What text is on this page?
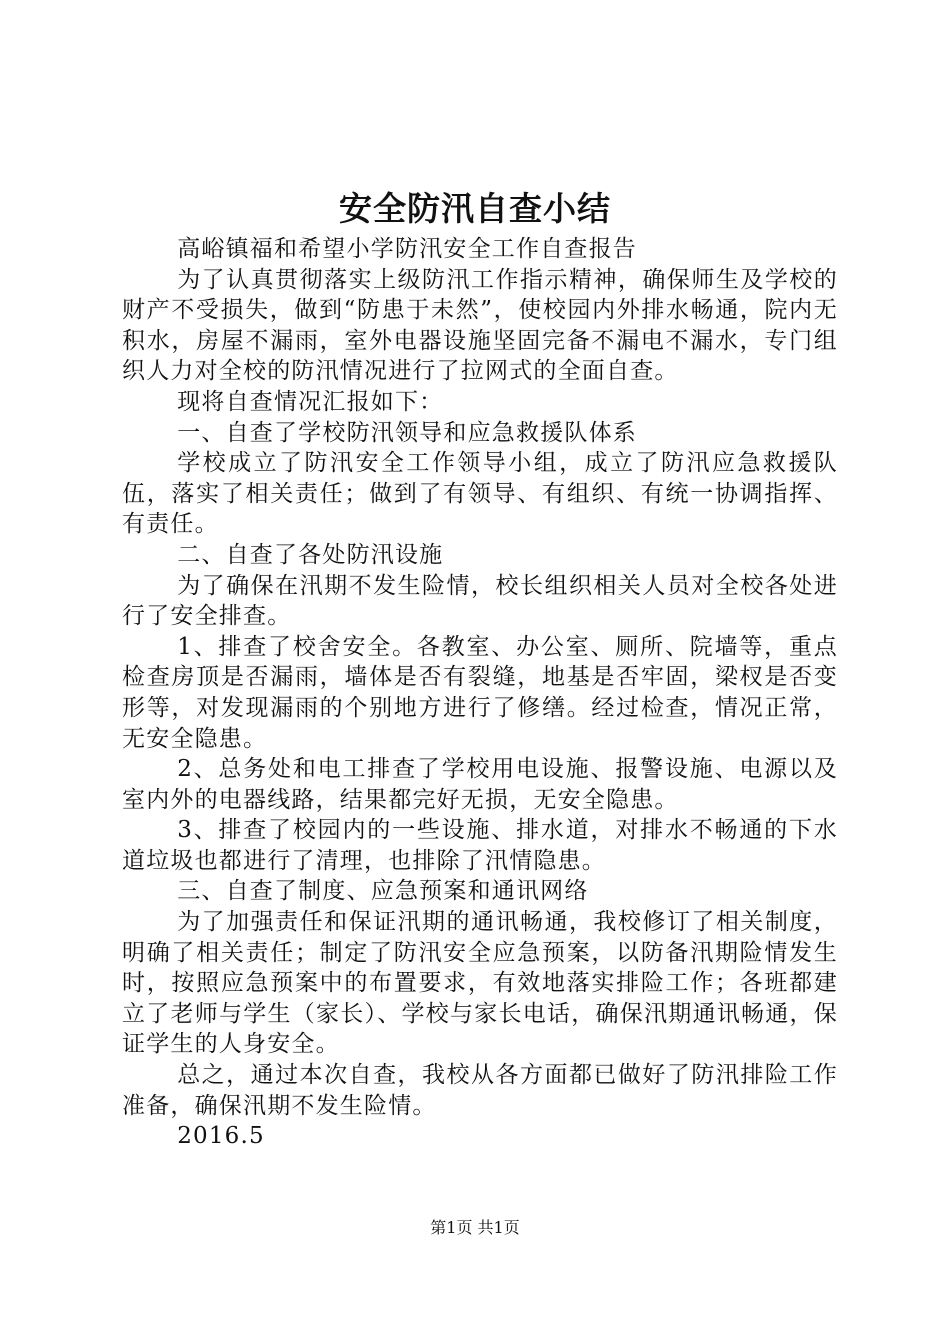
安全防汛自查小结

高峪镇福和希望小学防汛安全工作自查报告

为了认真贯彻落实上级防汛工作指示精神，确保师生及学校的财产不受损失，做到“防患于未然”，使校园内外排水畅通，院内无积水，房屋不漏雨，室外电器设施坚固完备不漏电不漏水，专门组织人力对全校的防汛情况进行了拉网式的全面自查。

现将自查情况汇报如下：

一、自查了学校防汛领导和应急救援队体系

学校成立了防汛安全工作领导小组，成立了防汛应急救援队伍，落实了相关责任；做到了有领导、有组织、有统一协调指挥、有责任。

二、自查了各处防汛设施

为了确保在汛期不发生险情，校长组织相关人员对全校各处进行了安全排查。

1、排查了校舍安全。各教室、办公室、厕所、院墙等，重点检查房顶是否漏雨，墙体是否有裂缝，地基是否牢固，梁杈是否变形等，对发现漏雨的个别地方进行了修缮。经过检查，情况正常，无安全隐患。

2、总务处和电工排查了学校用电设施、报警设施、电源以及室内外的电器线路，结果都完好无损，无安全隐患。

3、排查了校园内的一些设施、排水道，对排水不畅通的下水道垃圾也都进行了清理，也排除了汛情隐患。

三、自查了制度、应急预案和通讯网络

为了加强责任和保证汛期的通讯畅通，我校修订了相关制度，明确了相关责任；制定了防汛安全应急预案，以防备汛期险情发生时，按照应急预案中的布置要求，有效地落实排险工作；各班都建立了老师与学生（家长）、学校与家长电话，确保汛期通讯畅通，保证学生的人身安全。

总之，通过本次自查，我校从各方面都已做好了防汛排险工作准备，确保汛期不发生险情。

2016.5

第1页 共1页
